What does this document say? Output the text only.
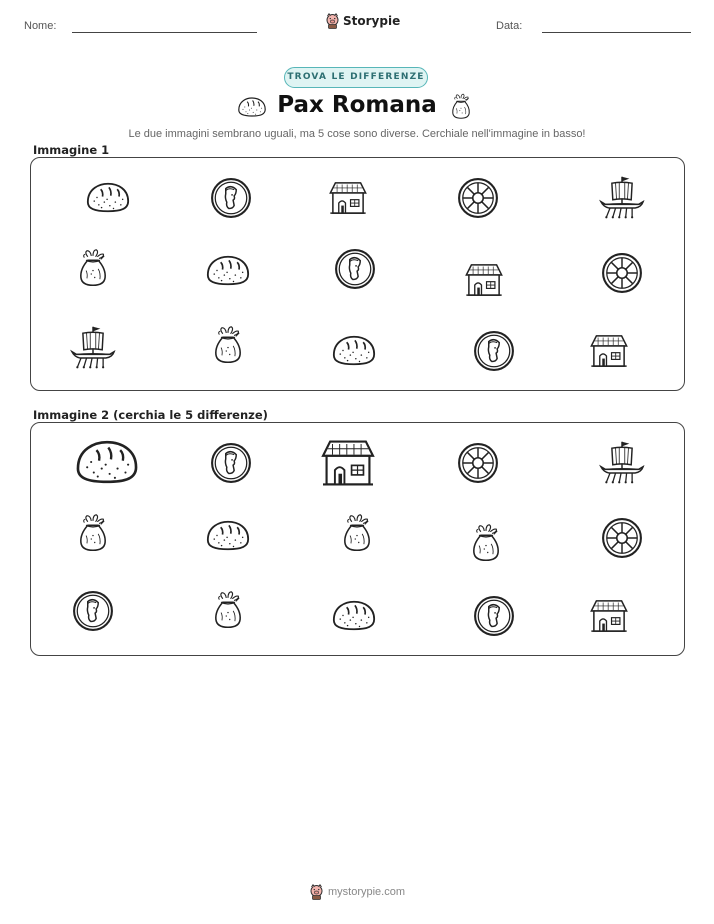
Nome:	Storypie	Data:
TROVA LE DIFFERENZE
Pax Romana
Le due immagini sembrano uguali, ma 5 cose sono diverse. Cerchiale nell'immagine in basso!
Immagine 1
Immagine 2 (cerchia le 5 differenze)
mystorypie.com
